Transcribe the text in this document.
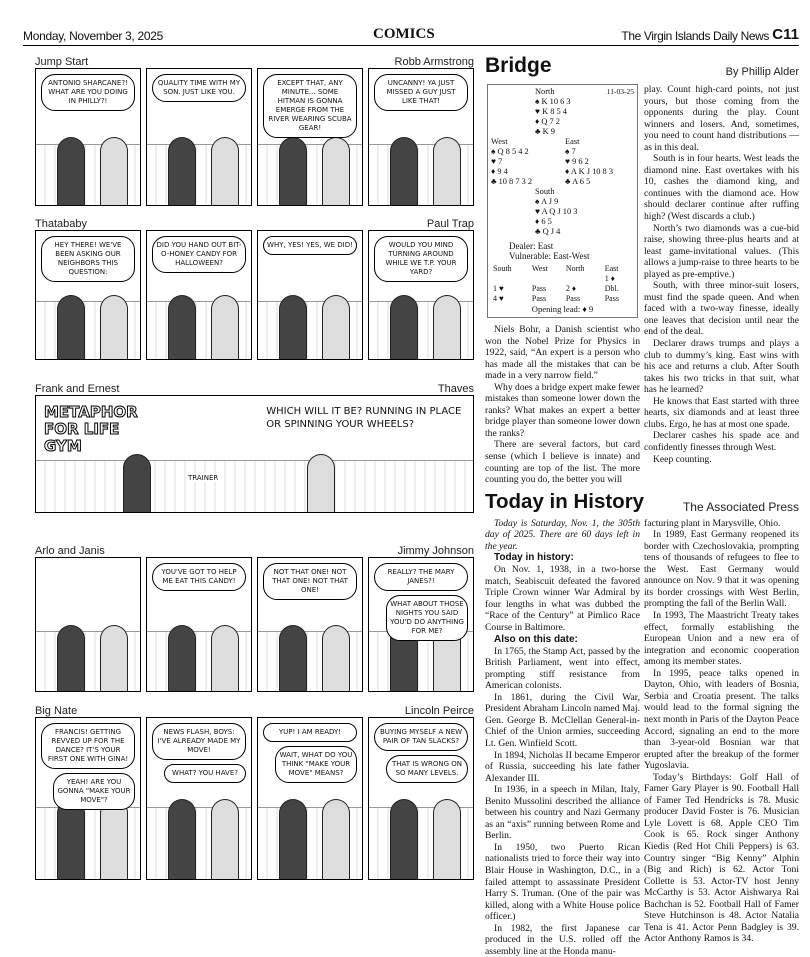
Monday, November 3, 2025	COMICS	The Virgin Islands Daily News C11
Jump Start	Robb Armstrong
ANTONIO SHARCANE?! WHAT ARE YOU DOING IN PHILLY?!
QUALITY TIME WITH MY SON. JUST LIKE YOU.
EXCEPT THAT, ANY MINUTE... SOME HITMAN IS GONNA EMERGE FROM THE RIVER WEARING SCUBA GEAR!
UNCANNY! YA JUST MISSED A GUY JUST LIKE THAT!
Thatababy	Paul Trap
HEY THERE! WE'VE BEEN ASKING OUR NEIGHBORS THIS QUESTION:
DID YOU HAND OUT BIT-O-HONEY CANDY FOR HALLOWEEN?
WHY, YES! YES, WE DID!	WOULD YOU MIND TURNING AROUND WHILE WE T.P. YOUR YARD?
Frank and Ernest	Thaves
WHICH WILL IT BE? RUNNING IN PLACE OR SPINNING YOUR WHEELS?
METAPHOR FOR LIFE GYM
TRAINER
Arlo and Janis	Jimmy Johnson
YOU'VE GOT TO HELP ME EAT THIS CANDY!
NOT THAT ONE! NOT THAT ONE! NOT THAT ONE!
REALLY? THE MARY JANES?!
WHAT ABOUT THOSE NIGHTS YOU SAID YOU'D DO ANYTHING FOR ME?
Big Nate	Lincoln Peirce
FRANCIS! GETTING REVVED UP FOR THE DANCE? IT'S YOUR FIRST ONE WITH GINA!
YEAH! ARE YOU GONNA "MAKE YOUR MOVE"?
NEWS FLASH, BOYS: I'VE ALREADY MADE MY MOVE!
WHAT? YOU HAVE?
YUP! I AM READY!
WAIT, WHAT DO YOU THINK "MAKE YOUR MOVE" MEANS?
BUYING MYSELF A NEW PAIR OF TAN SLACKS?
THAT IS WRONG ON SO MANY LEVELS.
Bridge	By Phillip Alder
North
♠ K 10 6 3
♥ K 8 5 4
♦ Q 7 2
♣ K 9
11-03-25
West
♠ Q 8 5 4 2
♥ 7
♦ 9 4
♣ 10 8 7 3 2
East
♠ 7
♥ 9 6 2
♦ A K J 10 8 3
♣ A 6 5
South
♠ A J 9
♥ A Q J 10 3
♦ 6 5
♣ Q J 4
Dealer: East
Vulnerable: East-West
South	West	North	East
			1 ♦
1 ♥	Pass	2 ♦	Dbl.
4 ♥	Pass	Pass	Pass
Opening lead: ♦ 9

Niels Bohr, a Danish scientist who won the Nobel Prize for Physics in 1922, said, “An expert is a person who has made all the mistakes that can be made in a very narrow field.”

Why does a bridge expert make fewer mistakes than someone lower down the ranks? What makes an expert a better bridge player than someone lower down the ranks?

There are several factors, but card sense (which I believe is innate) and counting are top of the list. The more counting you do, the better you will

play. Count high-card points, not just yours, but those coming from the opponents during the play. Count winners and losers. And, sometimes, you need to count hand distributions — as in this deal.

South is in four hearts. West leads the diamond nine. East overtakes with his 10, cashes the diamond king, and continues with the diamond ace. How should declarer continue after ruffing high? (West discards a club.)

North’s two diamonds was a cue-bid raise, showing three-plus hearts and at least game-invitational values. (This allows a jump-raise to three hearts to be played as pre-emptive.)

South, with three minor-suit losers, must find the spade queen. And when faced with a two-way finesse, ideally one leaves that decision until near the end of the deal.

Declarer draws trumps and plays a club to dummy’s king. East wins with his ace and returns a club. After South takes his two tricks in that suit, what has he learned?

He knows that East started with three hearts, six diamonds and at least three clubs. Ergo, he has at most one spade.

Declarer cashes his spade ace and confidently finesses through West.

Keep counting.

Today in History	The Associated Press

Today is Saturday, Nov. 1, the 305th day of 2025. There are 60 days left in the year.

Today in history:

On Nov. 1, 1938, in a two-horse match, Seabiscuit defeated the favored Triple Crown winner War Admiral by four lengths in what was dubbed the “Race of the Century” at Pimlico Race Course in Baltimore.

Also on this date:

In 1765, the Stamp Act, passed by the British Parliament, went into effect, prompting stiff resistance from American colonists.

In 1861, during the Civil War, President Abraham Lincoln named Maj. Gen. George B. McClellan General-in-Chief of the Union armies, succeeding Lt. Gen. Winfield Scott.

In 1894, Nicholas II became Emperor of Russia, succeeding his late father Alexander III.

In 1936, in a speech in Milan, Italy, Benito Mussolini described the alliance between his country and Nazi Germany as an “axis” running between Rome and Berlin.

In 1950, two Puerto Rican nationalists tried to force their way into Blair House in Washington, D.C., in a failed attempt to assassinate President Harry S. Truman. (One of the pair was killed, along with a White House police officer.)

In 1982, the first Japanese car produced in the U.S. rolled off the assembly line at the Honda manu-

facturing plant in Marysville, Ohio.

In 1989, East Germany reopened its border with Czechoslovakia, prompting tens of thousands of refugees to flee to the West. East Germany would announce on Nov. 9 that it was opening its border crossings with West Berlin, prompting the fall of the Berlin Wall.

In 1993, The Maastricht Treaty takes effect, formally establishing the European Union and a new era of integration and economic cooperation among its member states.

In 1995, peace talks opened in Dayton, Ohio, with leaders of Bosnia, Serbia and Croatia present. The talks would lead to the formal signing the next month in Paris of the Dayton Peace Accord, signaling an end to the more than 3-year-old Bosnian war that erupted after the breakup of the former Yugoslavia.

Today’s Birthdays: Golf Hall of Famer Gary Player is 90. Football Hall of Famer Ted Hendricks is 78. Music producer David Foster is 76. Musician Lyle Lovett is 68. Apple CEO Tim Cook is 65. Rock singer Anthony Kiedis (Red Hot Chili Peppers) is 63. Country singer “Big Kenny” Alphin (Big and Rich) is 62. Actor Toni Collette is 53. Actor-TV host Jenny McCarthy is 53. Actor Aishwarya Rai Bachchan is 52. Football Hall of Famer Steve Hutchinson is 48. Actor Natalia Tena is 41. Actor Penn Badgley is 39. Actor Anthony Ramos is 34.
